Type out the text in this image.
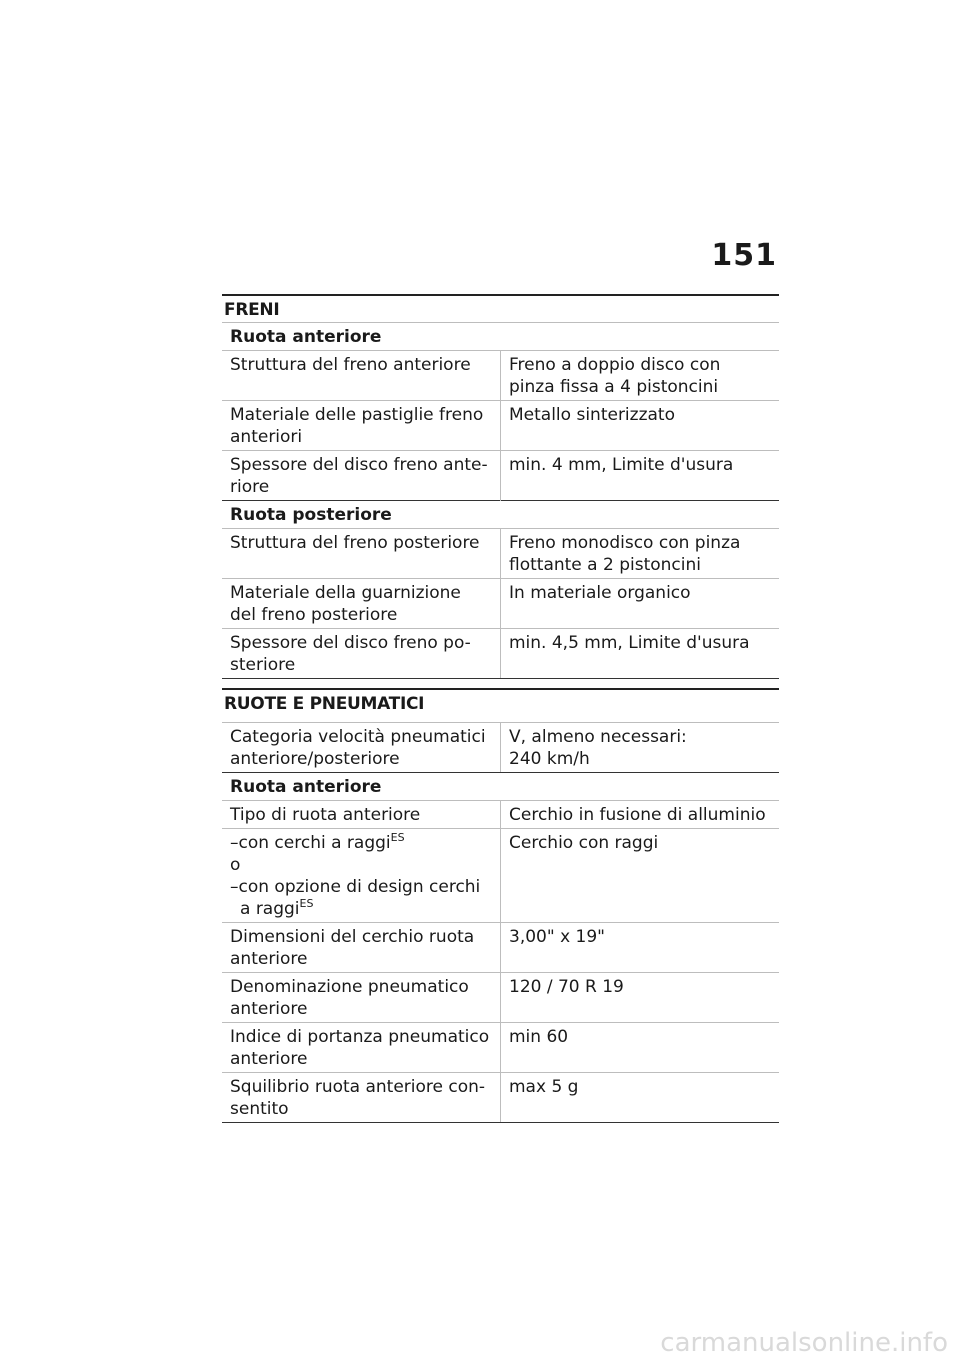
151
FRENI
Ruota anteriore	
Struttura del freno anteriore	Freno a doppio disco con pinza fissa a 4 pistoncini
Materiale delle pastiglie freno anteriori	Metallo sinterizzato
Spessore del disco freno ante-riore	min. 4 mm, Limite d'usura
Ruota posteriore	
Struttura del freno posteriore	Freno monodisco con pinza flottante a 2 pistoncini
Materiale della guarnizione del freno posteriore	In materiale organico
Spessore del disco freno po-steriore	min. 4,5 mm, Limite d'usura
RUOTE E PNEUMATICI
Categoria velocità pneumatici anteriore/posteriore	V, almeno necessari:
240 km/h

Ruota anteriore	
Tipo di ruota anteriore	Cerchio in fusione di alluminio

–con cerchi a raggi$^{ES}$
o
–con opzione di design cerchi
a raggi$^{ES}$	Cerchio con raggi
Dimensioni del cerchio ruota anteriore	3,00" x 19"
Denominazione pneumatico anteriore	120 / 70 R 19
Indice di portanza pneumatico anteriore	min 60
Squilibrio ruota anteriore con-sentito	max 5 g
carmanualsonline.info
